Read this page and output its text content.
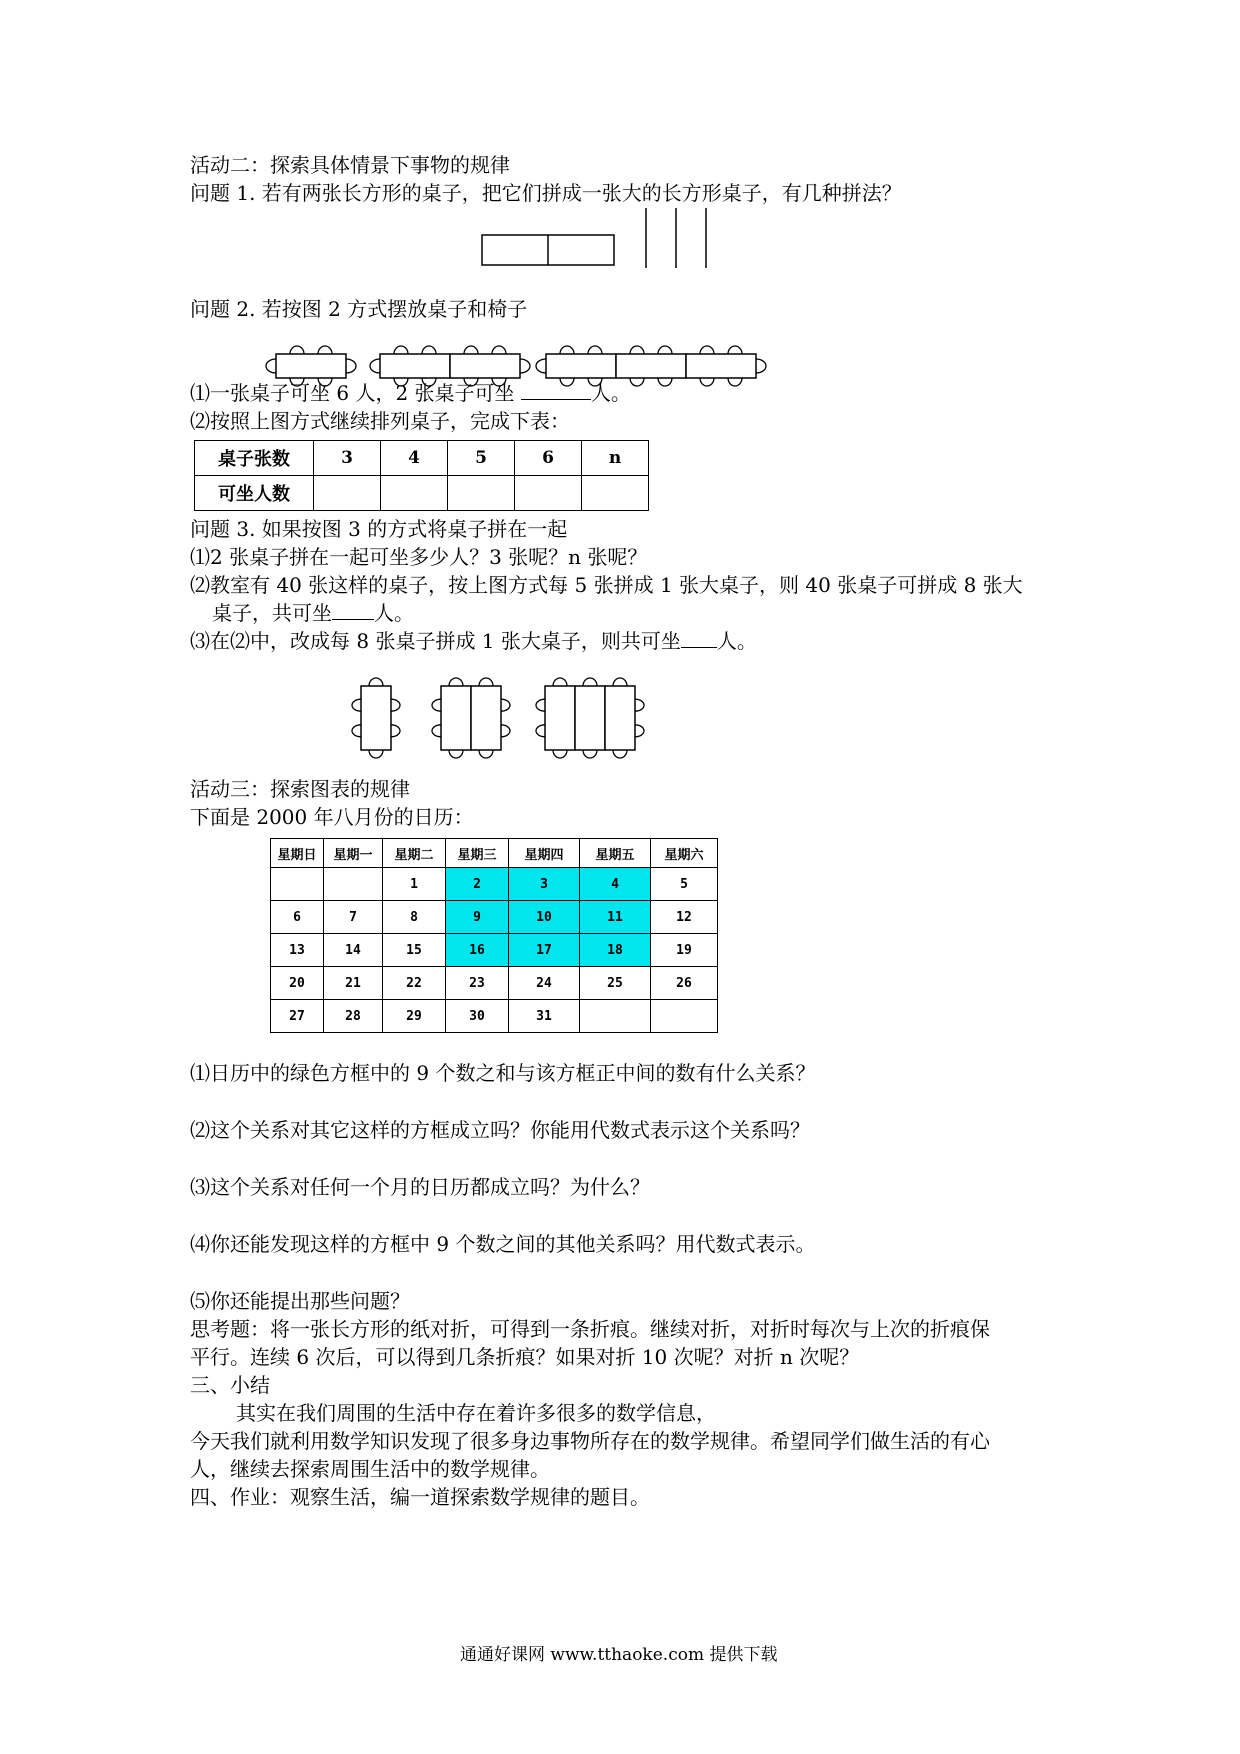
活动二：探索具体情景下事物的规律
问题 1. 若有两张长方形的桌子，把它们拼成一张大的长方形桌子，有几种拼法？
问题 2. 若按图 2 方式摆放桌子和椅子
⑴一张桌子可坐 6 人，2 张桌子可坐	人。
⑵按照上图方式继续排列桌子，完成下表：
桌子张数	3	4	5	6	n
可坐人数					
问题 3. 如果按图 3 的方式将桌子拼在一起
⑴2 张桌子拼在一起可坐多少人？3 张呢？n 张呢？
⑵教室有 40 张这样的桌子，按上图方式每 5 张拼成 1 张大桌子，则 40 张桌子可拼成 8 张大
桌子，共可坐 人。
⑶在⑵中，改成每 8 张桌子拼成 1 张大桌子，则共可坐 人。
活动三：探索图表的规律
下面是 2000 年八月份的日历：
星期日	星期一	星期二	星期三	星期四	星期五	星期六
		1	2	3	4	5
6	7	8	9	10	11	12
13	14	15	16	17	18	19
20	21	22	23	24	25	26
27	28	29	30	31		
⑴日历中的绿色方框中的 9 个数之和与该方框正中间的数有什么关系？
⑵这个关系对其它这样的方框成立吗？你能用代数式表示这个关系吗？
⑶这个关系对任何一个月的日历都成立吗？为什么？
⑷你还能发现这样的方框中 9 个数之间的其他关系吗？用代数式表示。
⑸你还能提出那些问题？
思考题：将一张长方形的纸对折，可得到一条折痕。继续对折，对折时每次与上次的折痕保
平行。连续 6 次后，可以得到几条折痕？如果对折 10 次呢？对折 n 次呢？
三、小结
其实在我们周围的生活中存在着许多很多的数学信息，
今天我们就利用数学知识发现了很多身边事物所存在的数学规律。希望同学们做生活的有心
人，继续去探索周围生活中的数学规律。
四、作业：观察生活，编一道探索数学规律的题目。
通通好课网 www.tthaoke.com 提供下载
